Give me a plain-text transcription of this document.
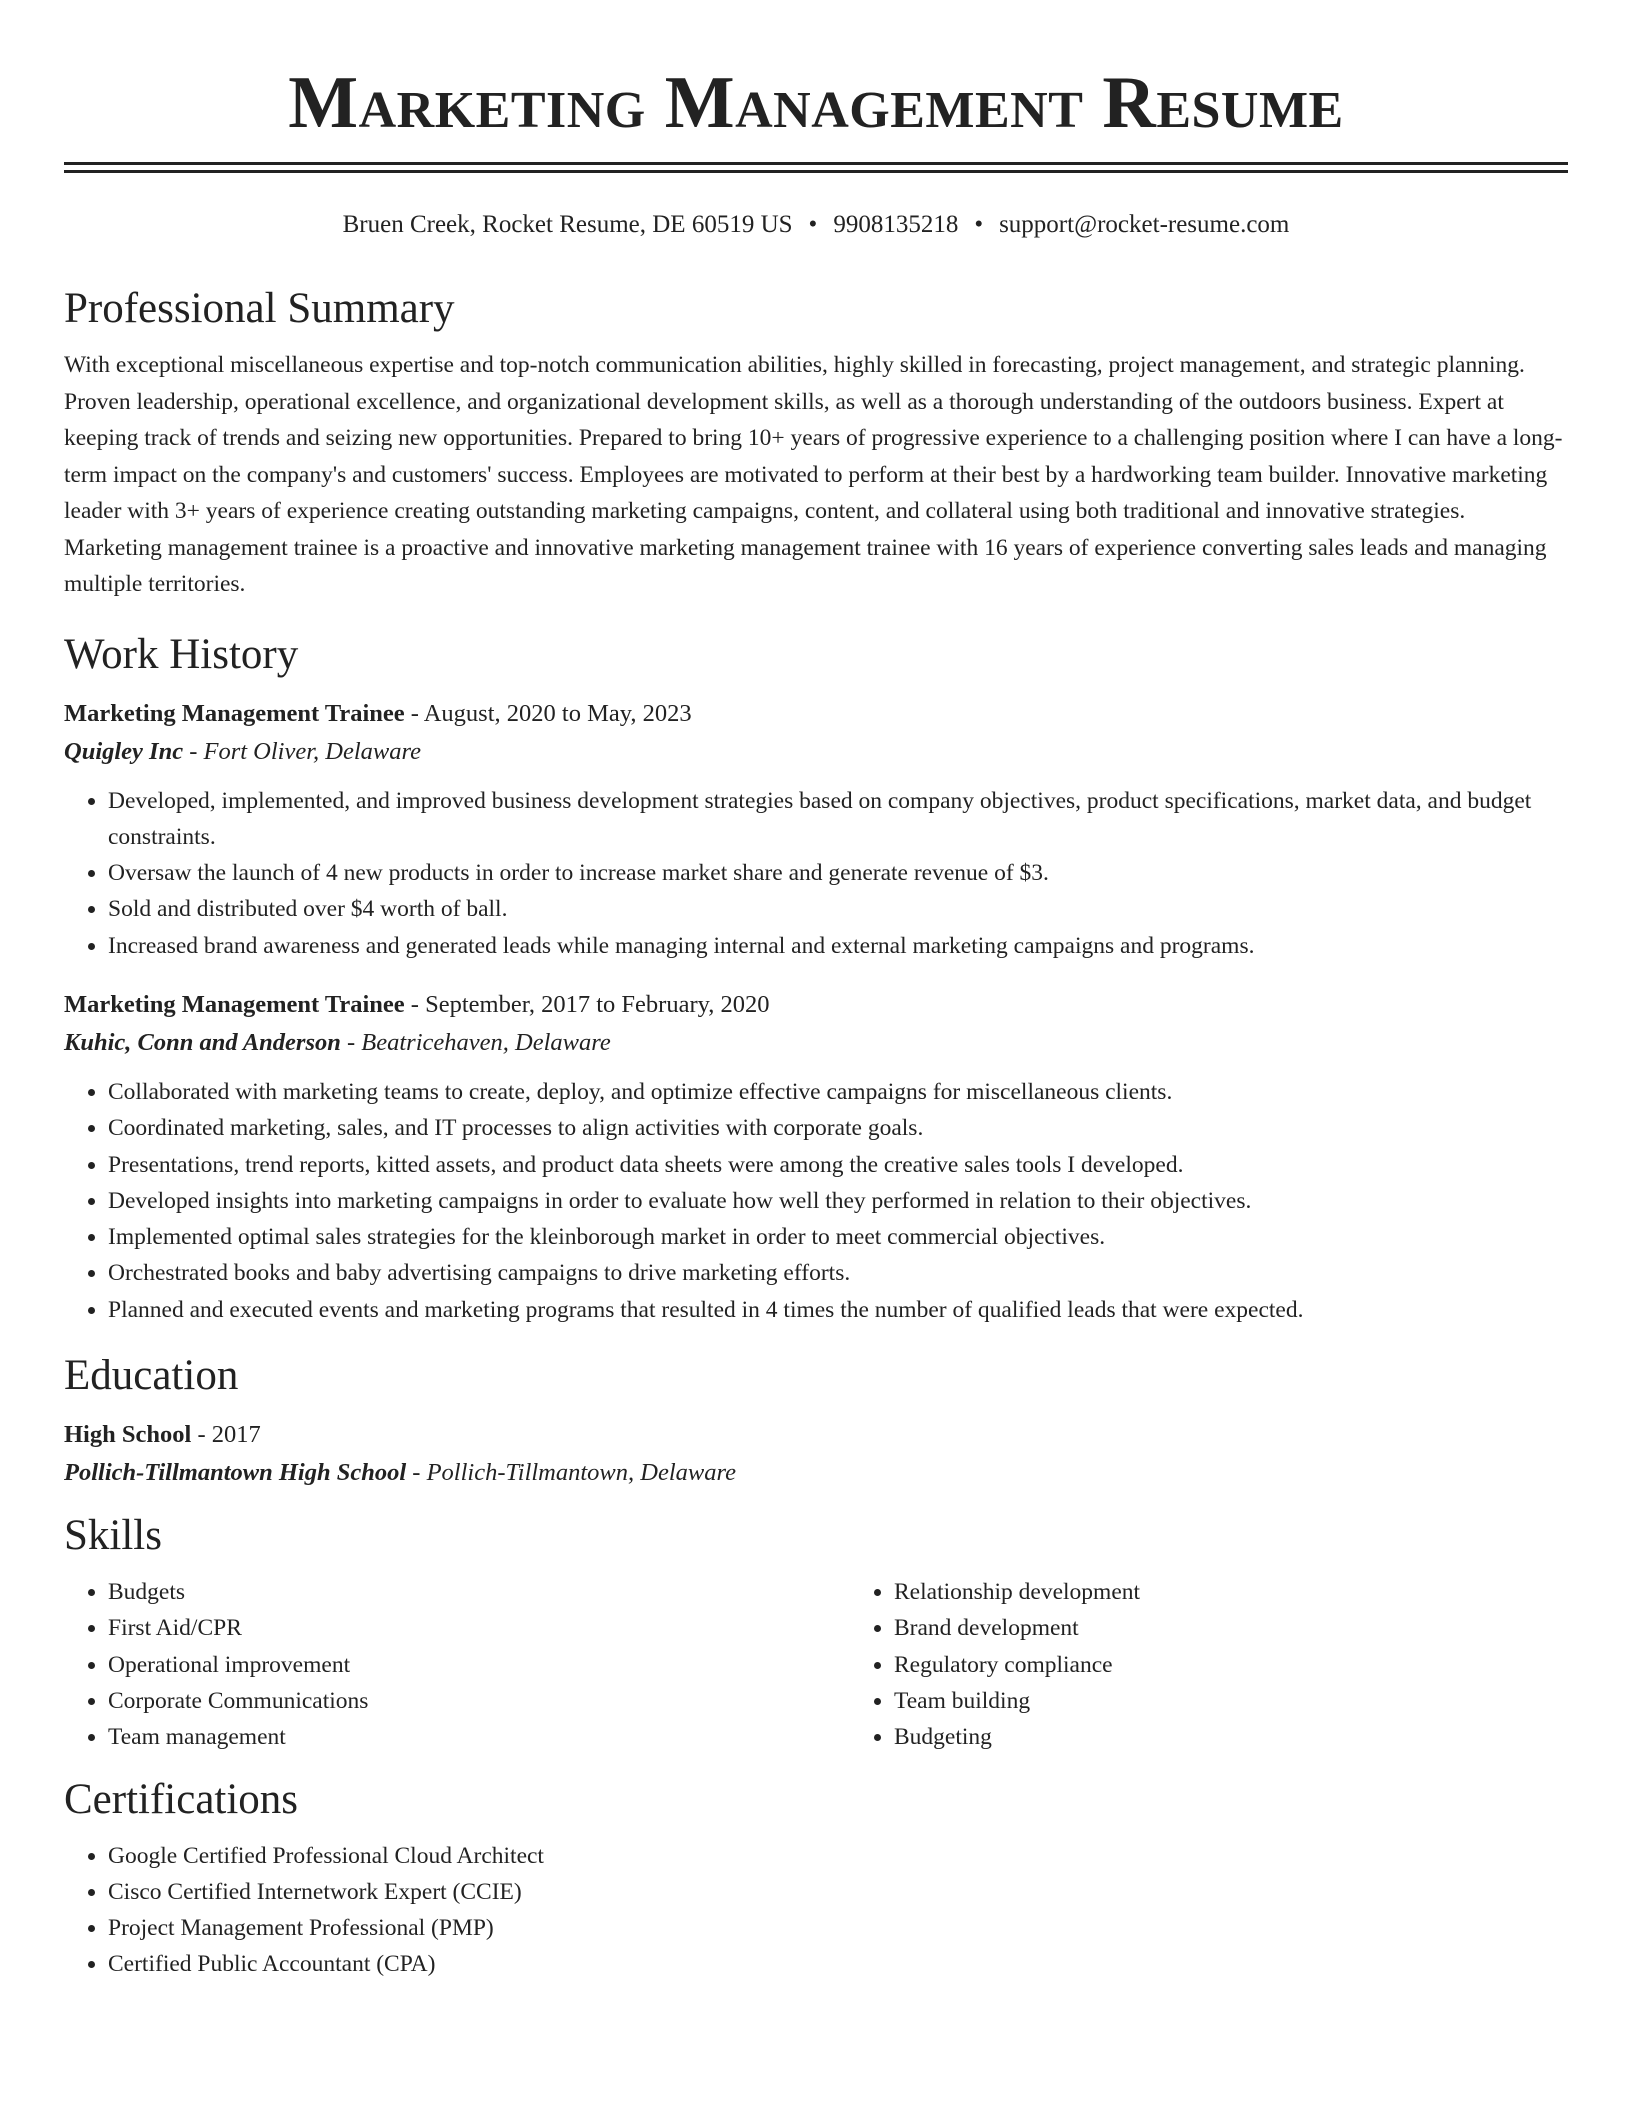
Marketing Management Resume
Bruen Creek, Rocket Resume, DE 60519 US • 9908135218 • support@rocket-resume.com
Professional Summary

With exceptional miscellaneous expertise and top-notch communication abilities, highly skilled in forecasting, project management, and strategic planning. Proven leadership, operational excellence, and organizational development skills, as well as a thorough understanding of the outdoors business. Expert at keeping track of trends and seizing new opportunities. Prepared to bring 10+ years of progressive experience to a challenging position where I can have a long-term impact on the company's and customers' success. Employees are motivated to perform at their best by a hardworking team builder. Innovative marketing leader with 3+ years of experience creating outstanding marketing campaigns, content, and collateral using both traditional and innovative strategies. Marketing management trainee is a proactive and innovative marketing management trainee with 16 years of experience converting sales leads and managing multiple territories.

Work History

Marketing Management Trainee - August, 2020 to May, 2023

Quigley Inc - Fort Oliver, Delaware

• Developed, implemented, and improved business development strategies based on company objectives, product specifications, market data, and budget constraints.
• Oversaw the launch of 4 new products in order to increase market share and generate revenue of $3.
• Sold and distributed over $4 worth of ball.
• Increased brand awareness and generated leads while managing internal and external marketing campaigns and programs.

Marketing Management Trainee - September, 2017 to February, 2020

Kuhic, Conn and Anderson - Beatricehaven, Delaware

• Collaborated with marketing teams to create, deploy, and optimize effective campaigns for miscellaneous clients.
• Coordinated marketing, sales, and IT processes to align activities with corporate goals.
• Presentations, trend reports, kitted assets, and product data sheets were among the creative sales tools I developed.
• Developed insights into marketing campaigns in order to evaluate how well they performed in relation to their objectives.
• Implemented optimal sales strategies for the kleinborough market in order to meet commercial objectives.
• Orchestrated books and baby advertising campaigns to drive marketing efforts.
• Planned and executed events and marketing programs that resulted in 4 times the number of qualified leads that were expected.
Education

High School - 2017

Pollich-Tillmantown High School - Pollich-Tillmantown, Delaware

Skills
• Budgets
• First Aid/CPR
• Operational improvement
• Corporate Communications
• Team management
• Relationship development
• Brand development
• Regulatory compliance
• Team building
• Budgeting
Certifications
• Google Certified Professional Cloud Architect
• Cisco Certified Internetwork Expert (CCIE)
• Project Management Professional (PMP)
• Certified Public Accountant (CPA)
